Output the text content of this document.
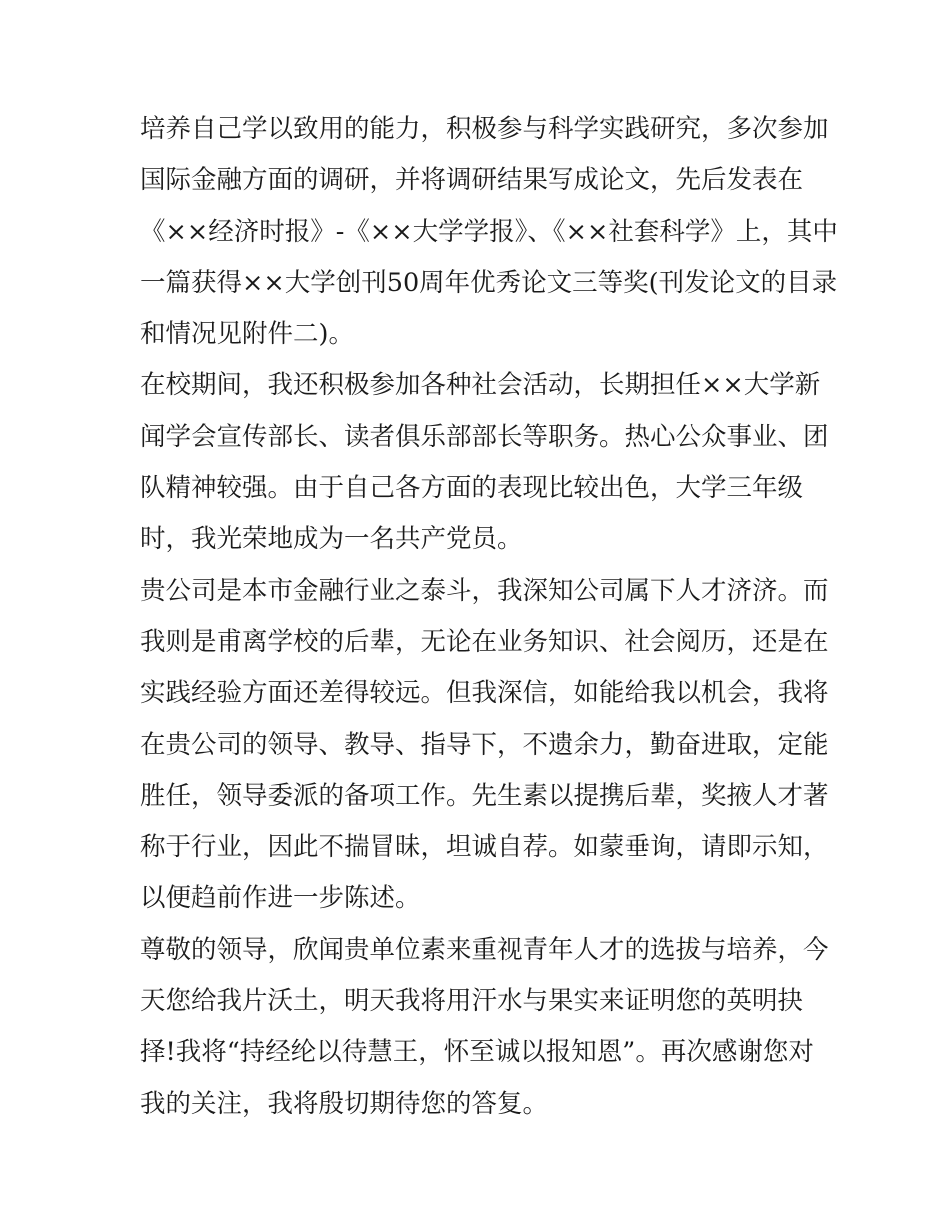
培养自己学以致用的能力，积极参与科学实践研究，多次参加
国际金融方面的调研，并将调研结果写成论文，先后发表在
《××经济时报》-《××大学学报》、《××社套科学》上，其中
一篇获得××大学创刊50周年优秀论文三等奖(刊发论文的目录
和情况见附件二)。
在校期间，我还积极参加各种社会活动，长期担任××大学新
闻学会宣传部长、读者俱乐部部长等职务。热心公众事业、团
队精神较强。由于自己各方面的表现比较出色，大学三年级
时，我光荣地成为一名共产党员。
贵公司是本市金融行业之泰斗，我深知公司属下人才济济。而
我则是甫离学校的后辈，无论在业务知识、社会阅历，还是在
实践经验方面还差得较远。但我深信，如能给我以机会，我将
在贵公司的领导、教导、指导下，不遗余力，勤奋进取，定能
胜任，领导委派的备项工作。先生素以提携后辈，奖掖人才著
称于行业，因此不揣冒昧，坦诚自荐。如蒙垂询，请即示知，
以便趋前作进一步陈述。
尊敬的领导，欣闻贵单位素来重视青年人才的选拔与培养，今
天您给我片沃土，明天我将用汗水与果实来证明您的英明抉
择!我将“持经纶以待慧王，怀至诚以报知恩”。再次感谢您对
我的关注，我将殷切期待您的答复。
